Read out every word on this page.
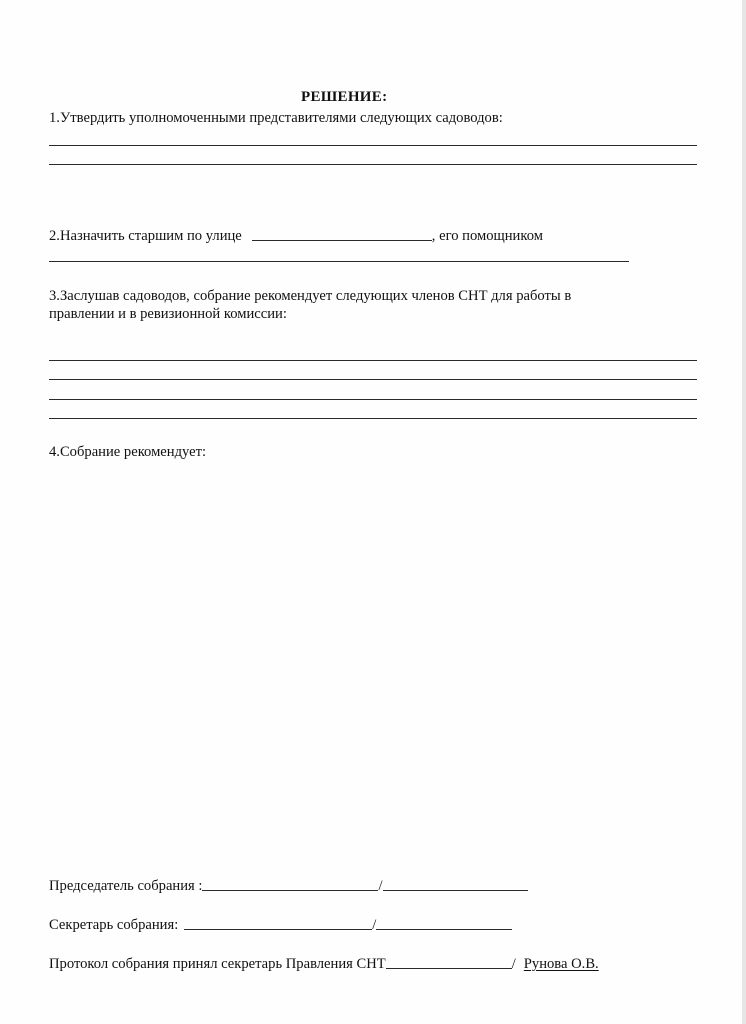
РЕШЕНИЕ:
1.Утвердить уполномоченными представителями следующих садоводов:
2.Назначить старшим по улице	, его помощником
3.Заслушав садоводов, собрание рекомендует следующих членов СНТ для работы в
правлении и в ревизионной комиссии:
4.Собрание рекомендует:
Председатель собрания :	/
Секретарь собрания:	/
Протокол собрания принял секретарь Правления СНТ	/ Рунова О.В.
